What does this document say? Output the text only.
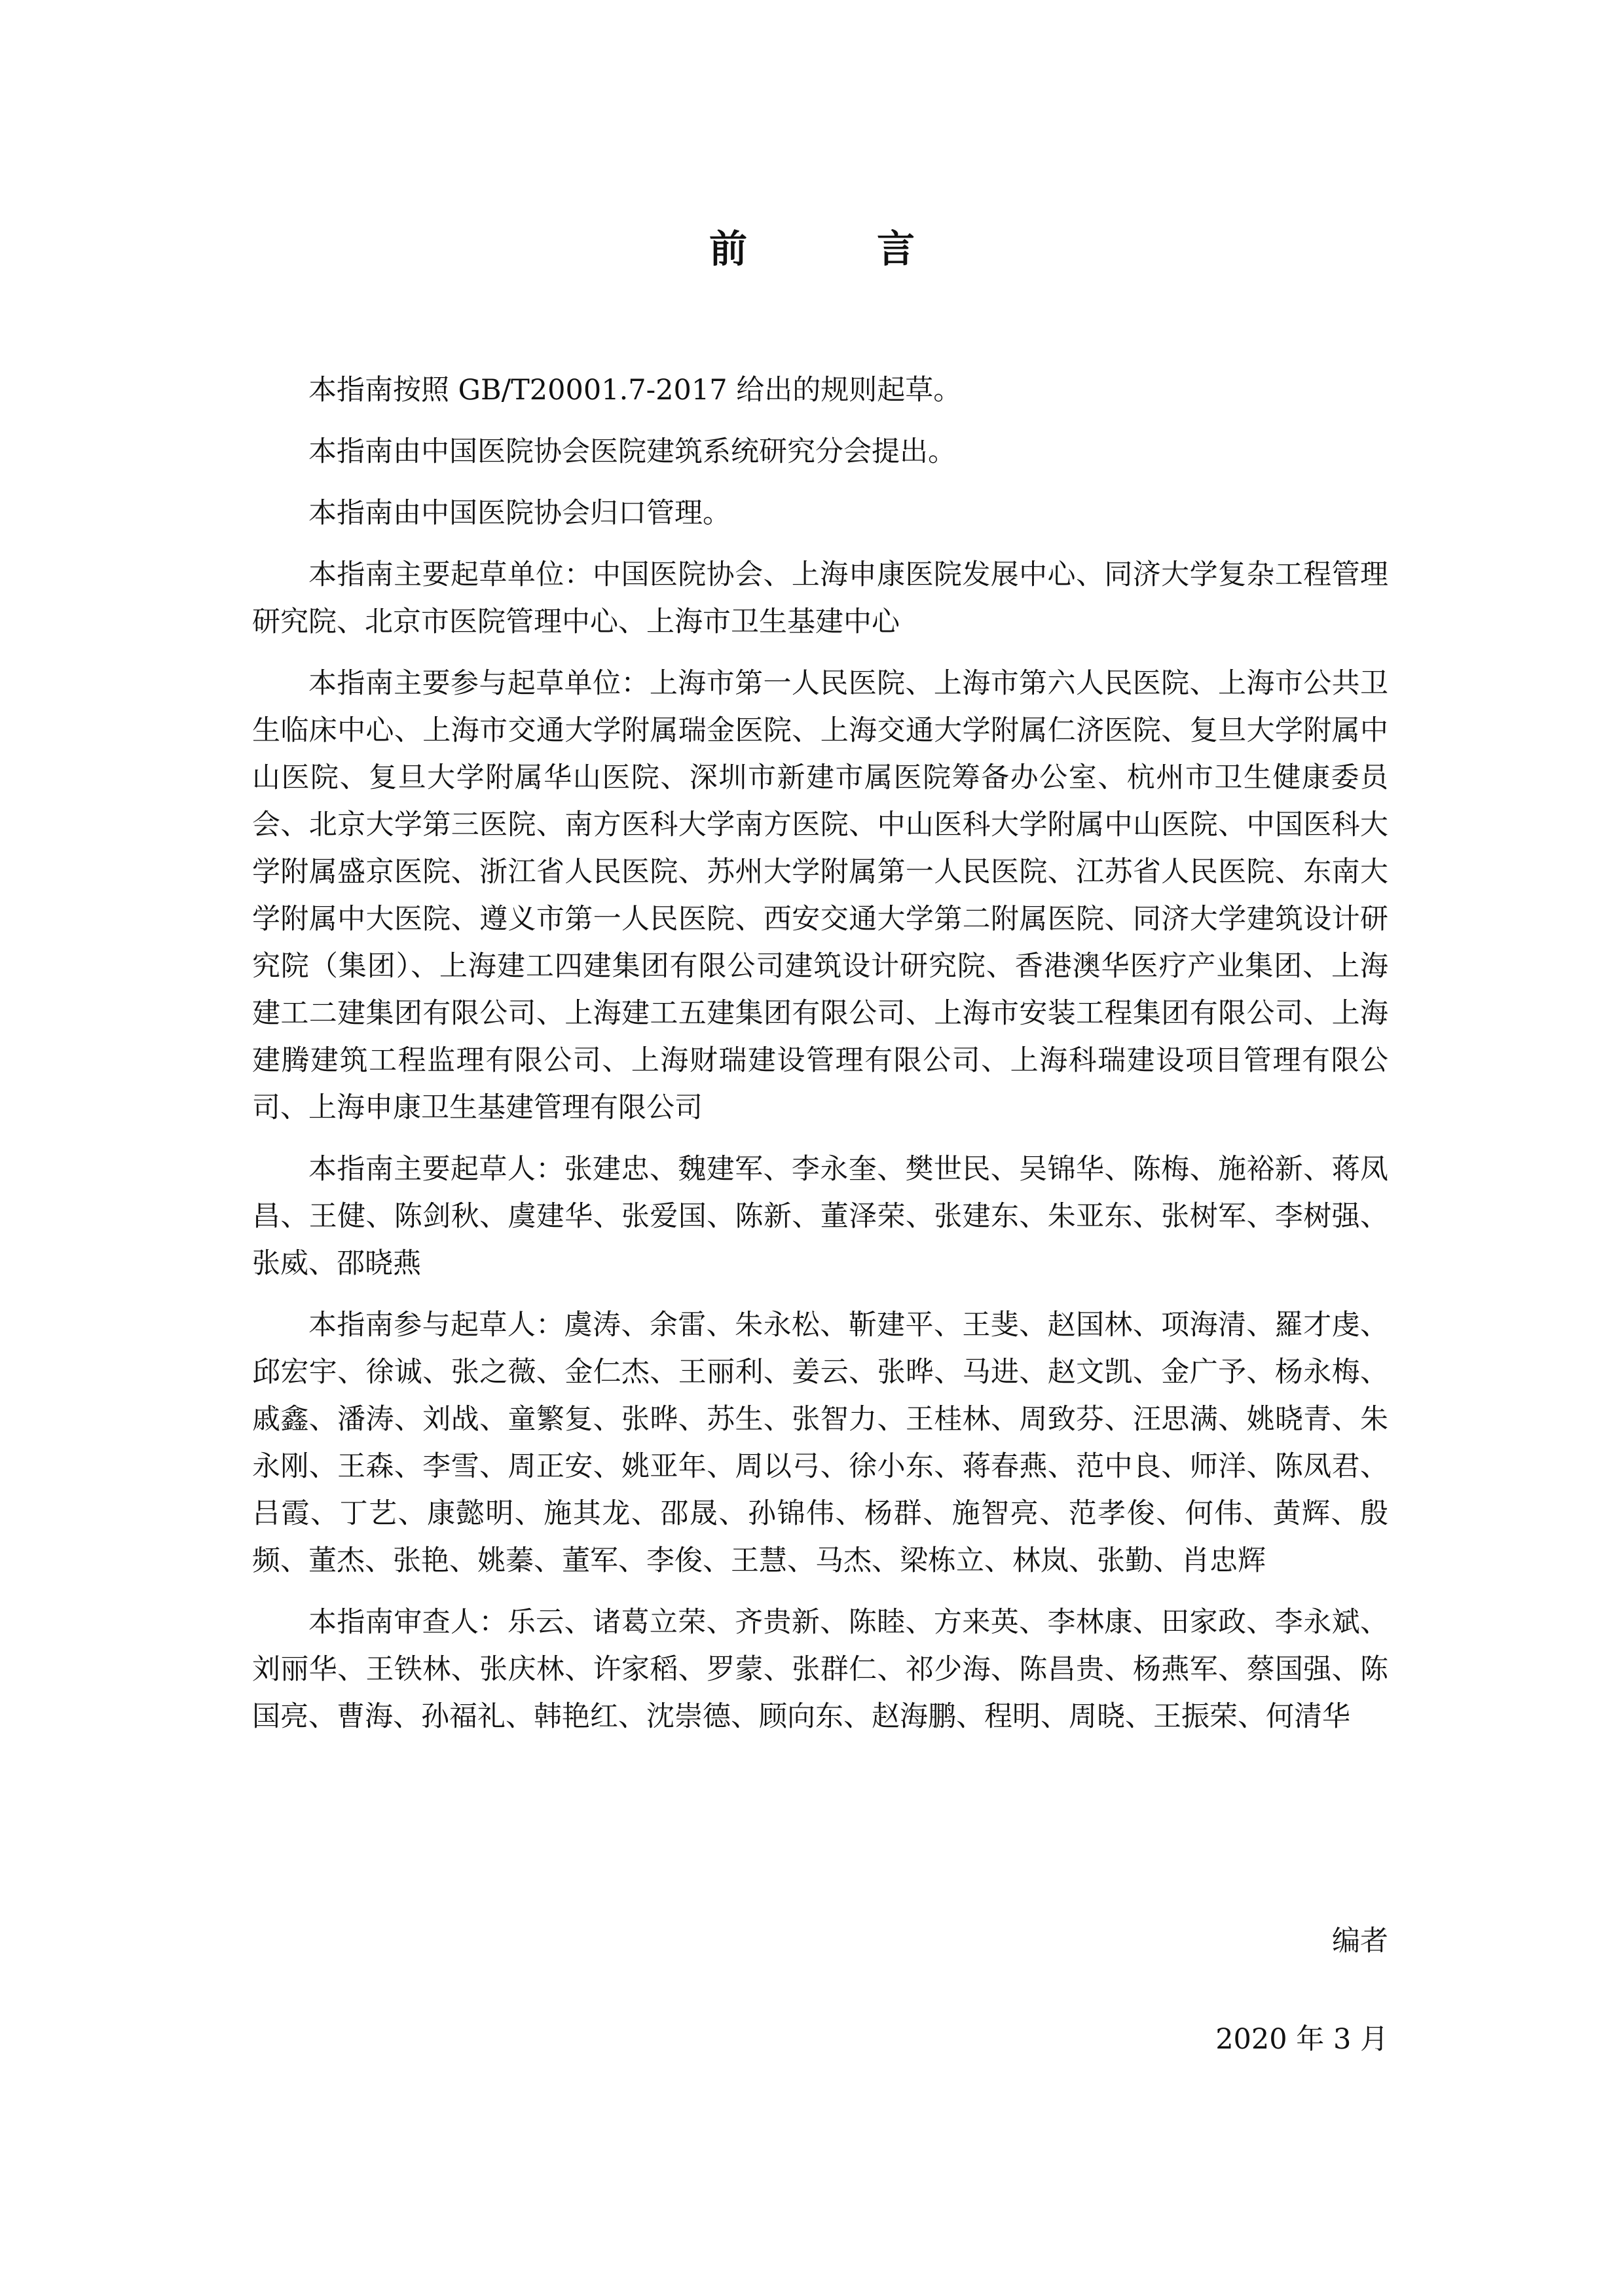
前　言

本指南按照 GB/T20001.7-2017 给出的规则起草。

本指南由中国医院协会医院建筑系统研究分会提出。

本指南由中国医院协会归口管理。

本指南主要起草单位：中国医院协会、上海申康医院发展中心、同济大学复杂工程管理研究院、北京市医院管理中心、上海市卫生基建中心

本指南主要参与起草单位：上海市第一人民医院、上海市第六人民医院、上海市公共卫生临床中心、上海市交通大学附属瑞金医院、上海交通大学附属仁济医院、复旦大学附属中山医院、复旦大学附属华山医院、深圳市新建市属医院筹备办公室、杭州市卫生健康委员会、北京大学第三医院、南方医科大学南方医院、中山医科大学附属中山医院、中国医科大学附属盛京医院、浙江省人民医院、苏州大学附属第一人民医院、江苏省人民医院、东南大学附属中大医院、遵义市第一人民医院、西安交通大学第二附属医院、同济大学建筑设计研究院（集团）、上海建工四建集团有限公司建筑设计研究院、香港澳华医疗产业集团、上海建工二建集团有限公司、上海建工五建集团有限公司、上海市安装工程集团有限公司、上海建腾建筑工程监理有限公司、上海财瑞建设管理有限公司、上海科瑞建设项目管理有限公司、上海申康卫生基建管理有限公司

本指南主要起草人：张建忠、魏建军、李永奎、樊世民、吴锦华、陈梅、施裕新、蒋凤昌、王健、陈剑秋、虞建华、张爱国、陈新、董泽荣、张建东、朱亚东、张树军、李树强、张威、邵晓燕

本指南参与起草人：虞涛、余雷、朱永松、靳建平、王斐、赵国林、项海清、羅才虔、邱宏宇、徐诚、张之薇、金仁杰、王丽利、姜云、张晔、马进、赵文凯、金广予、杨永梅、戚鑫、潘涛、刘战、童繁复、张晔、苏生、张智力、王桂林、周致芬、汪思满、姚晓青、朱永刚、王森、李雪、周正安、姚亚年、周以弓、徐小东、蒋春燕、范中良、师洋、陈凤君、吕霞、丁艺、康懿明、施其龙、邵晟、孙锦伟、杨群、施智亮、范孝俊、何伟、黄辉、殷频、董杰、张艳、姚蓁、董军、李俊、王慧、马杰、梁栋立、林岚、张勤、肖忠辉

本指南审查人：乐云、诸葛立荣、齐贵新、陈睦、方来英、李林康、田家政、李永斌、刘丽华、王铁林、张庆林、许家稻、罗蒙、张群仁、祁少海、陈昌贵、杨燕军、蔡国强、陈国亮、曹海、孙福礼、韩艳红、沈崇德、顾向东、赵海鹏、程明、周晓、王振荣、何清华

编者

2020 年 3 月
